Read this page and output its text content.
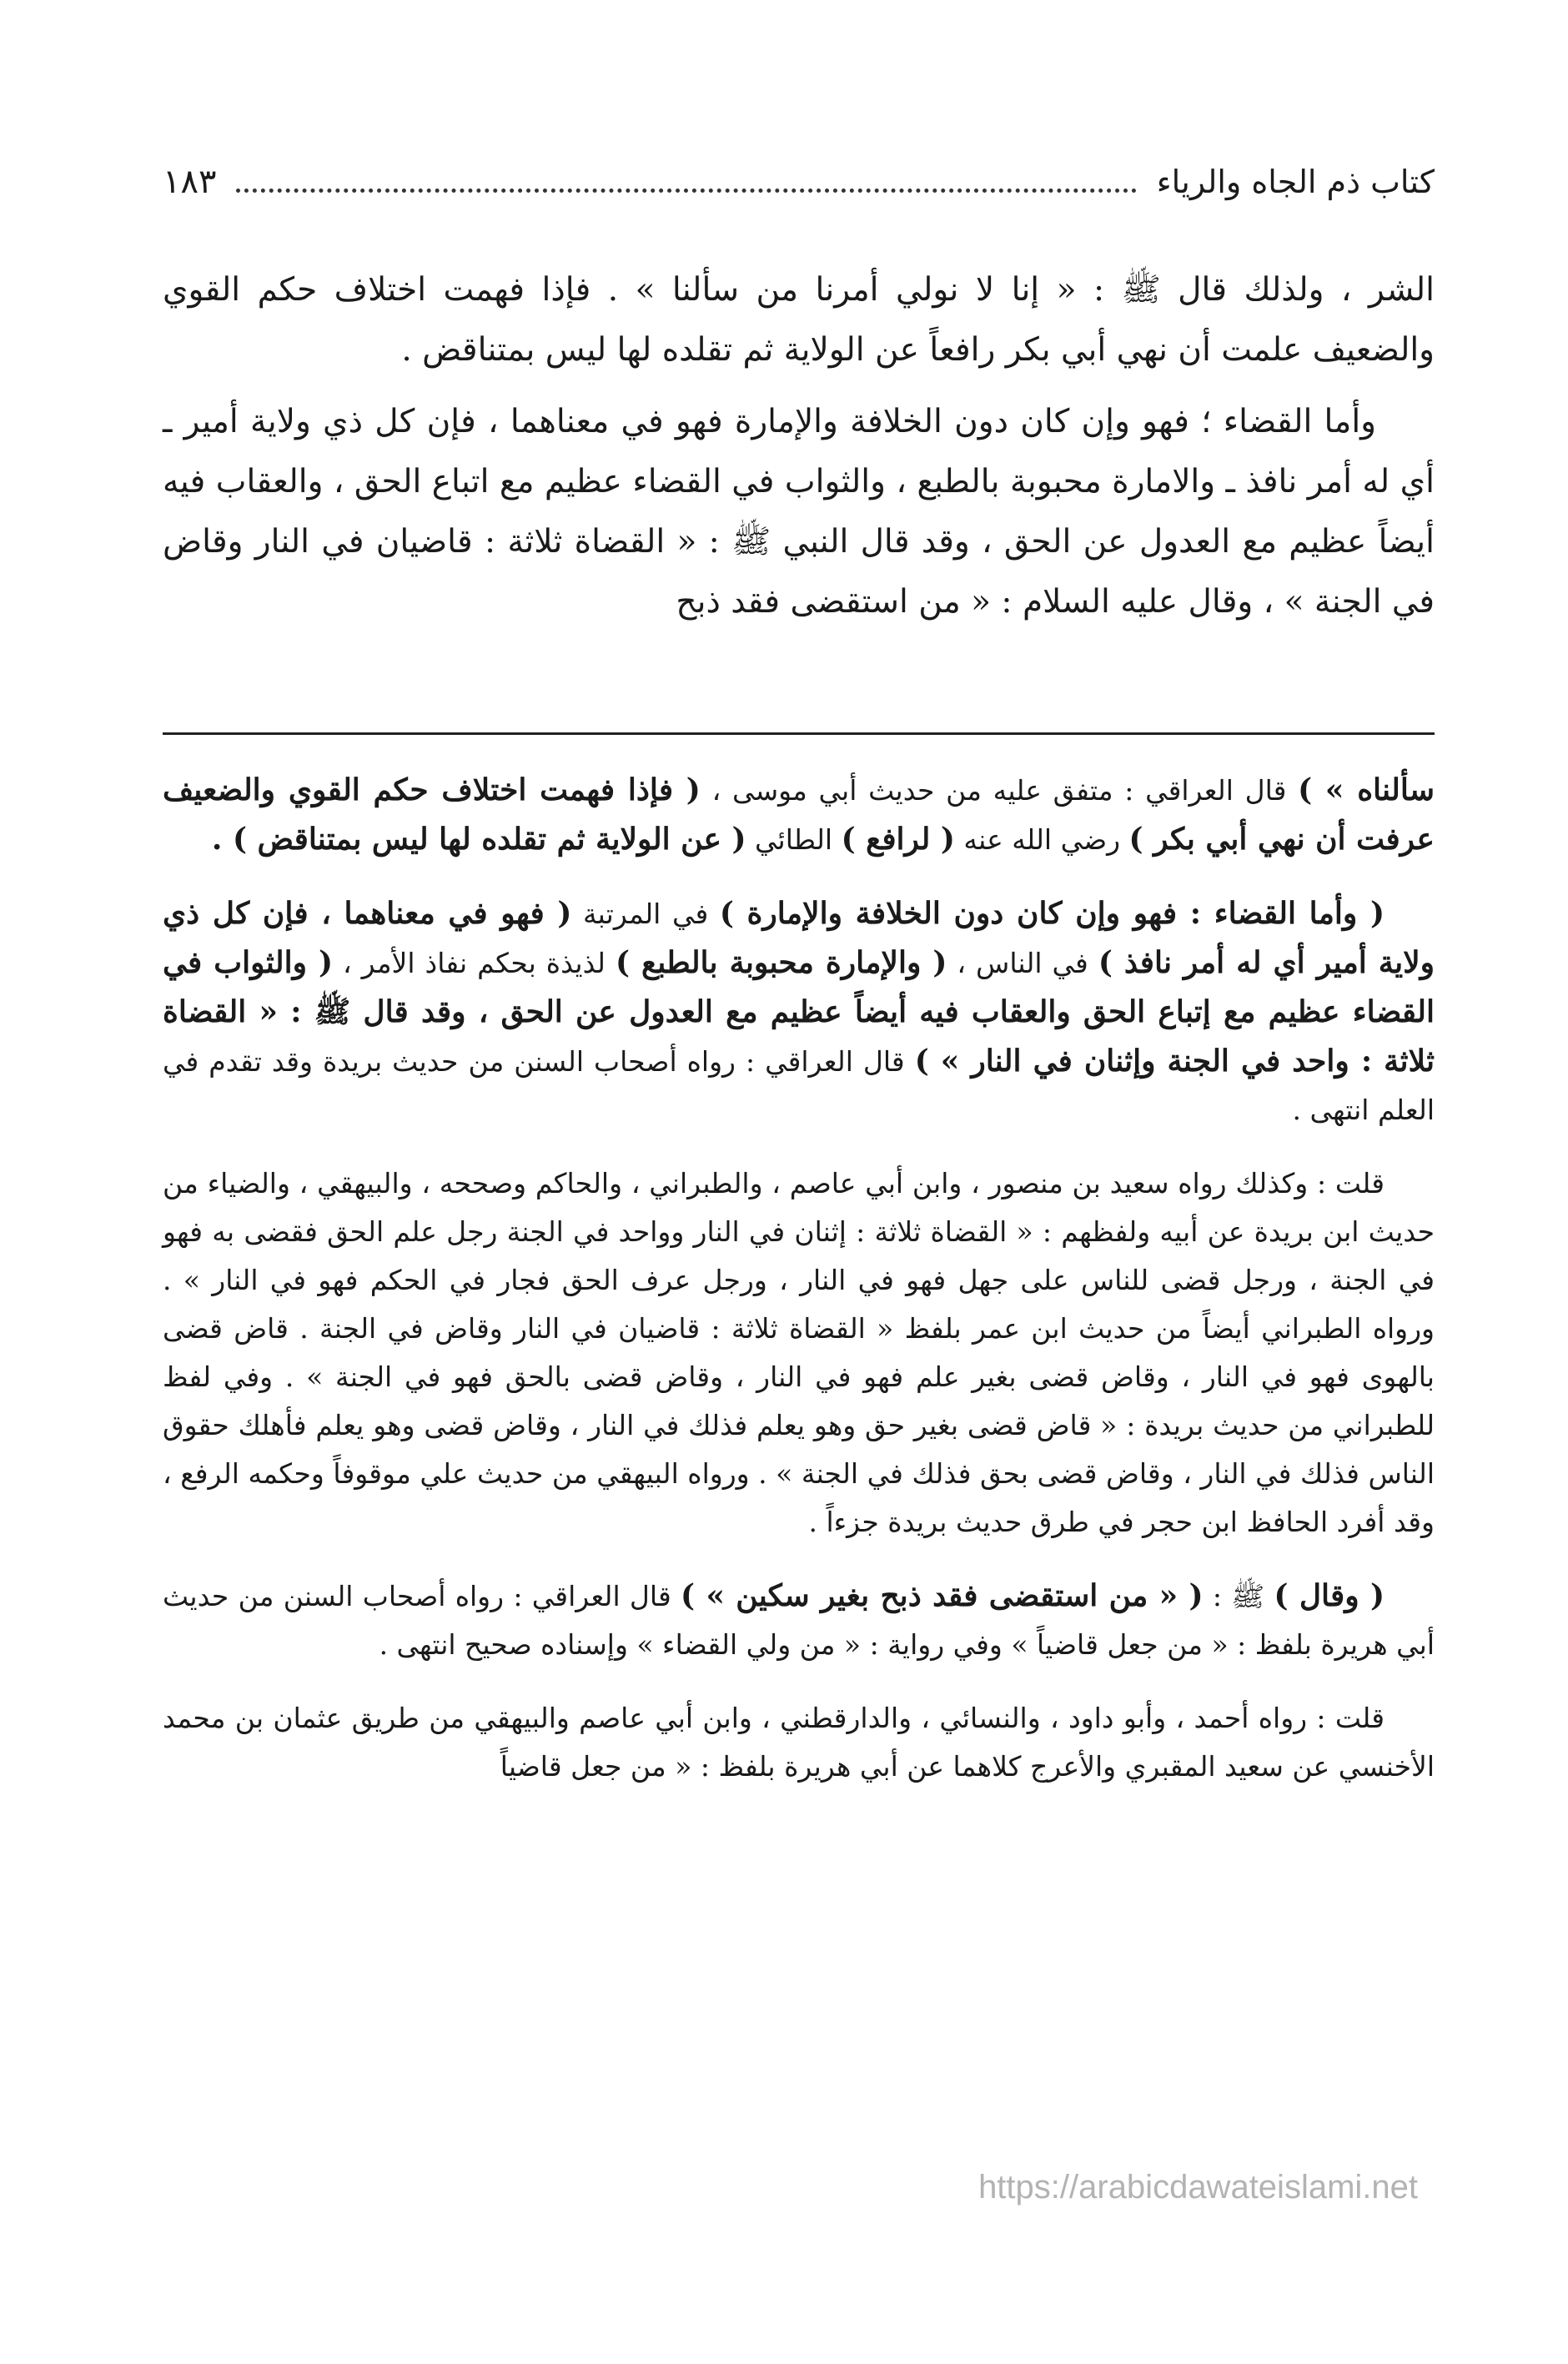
كتاب ذم الجاه والرياء
١٨٣

الشر ، ولذلك قال ﷺ : « إنا لا نولي أمرنا من سألنا » . فإذا فهمت اختلاف حكم القوي والضعيف علمت أن نهي أبي بكر رافعاً عن الولاية ثم تقلده لها ليس بمتناقض .

وأما القضاء ؛ فهو وإن كان دون الخلافة والإمارة فهو في معناهما ، فإن كل ذي ولاية أمير ـ أي له أمر نافذ ـ والامارة محبوبة بالطبع ، والثواب في القضاء عظيم مع اتباع الحق ، والعقاب فيه أيضاً عظيم مع العدول عن الحق ، وقد قال النبي ﷺ : « القضاة ثلاثة : قاضيان في النار وقاض في الجنة » ، وقال عليه السلام : « من استقضى فقد ذبح

سألناه » ) قال العراقي : متفق عليه من حديث أبي موسى ، ( فإذا فهمت اختلاف حكم القوي والضعيف عرفت أن نهي أبي بكر ) رضي الله عنه ( لرافع ) الطائي ( عن الولاية ثم تقلده لها ليس بمتناقض ) .

( وأما القضاء : فهو وإن كان دون الخلافة والإمارة ) في المرتبة ( فهو في معناهما ، فإن كل ذي ولاية أمير أي له أمر نافذ ) في الناس ، ( والإمارة محبوبة بالطبع ) لذيذة بحكم نفاذ الأمر ، ( والثواب في القضاء عظيم مع إتباع الحق والعقاب فيه أيضاً عظيم مع العدول عن الحق ، وقد قال ﷺ : « القضاة ثلاثة : واحد في الجنة وإثنان في النار » ) قال العراقي : رواه أصحاب السنن من حديث بريدة وقد تقدم في العلم انتهى .

قلت : وكذلك رواه سعيد بن منصور ، وابن أبي عاصم ، والطبراني ، والحاكم وصححه ، والبيهقي ، والضياء من حديث ابن بريدة عن أبيه ولفظهم : « القضاة ثلاثة : إثنان في النار وواحد في الجنة رجل علم الحق فقضى به فهو في الجنة ، ورجل قضى للناس على جهل فهو في النار ، ورجل عرف الحق فجار في الحكم فهو في النار » . ورواه الطبراني أيضاً من حديث ابن عمر بلفظ « القضاة ثلاثة : قاضيان في النار وقاض في الجنة . قاض قضى بالهوى فهو في النار ، وقاض قضى بغير علم فهو في النار ، وقاض قضى بالحق فهو في الجنة » . وفي لفظ للطبراني من حديث بريدة : « قاض قضى بغير حق وهو يعلم فذلك في النار ، وقاض قضى وهو يعلم فأهلك حقوق الناس فذلك في النار ، وقاض قضى بحق فذلك في الجنة » . ورواه البيهقي من حديث علي موقوفاً وحكمه الرفع ، وقد أفرد الحافظ ابن حجر في طرق حديث بريدة جزءاً .

( وقال ) ﷺ : ( « من استقضى فقد ذبح بغير سكين » ) قال العراقي : رواه أصحاب السنن من حديث أبي هريرة بلفظ : « من جعل قاضياً » وفي رواية : « من ولي القضاء » وإسناده صحيح انتهى .

قلت : رواه أحمد ، وأبو داود ، والنسائي ، والدارقطني ، وابن أبي عاصم والبيهقي من طريق عثمان بن محمد الأخنسي عن سعيد المقبري والأعرج كلاهما عن أبي هريرة بلفظ : « من جعل قاضياً

https://arabicdawateislami.net
